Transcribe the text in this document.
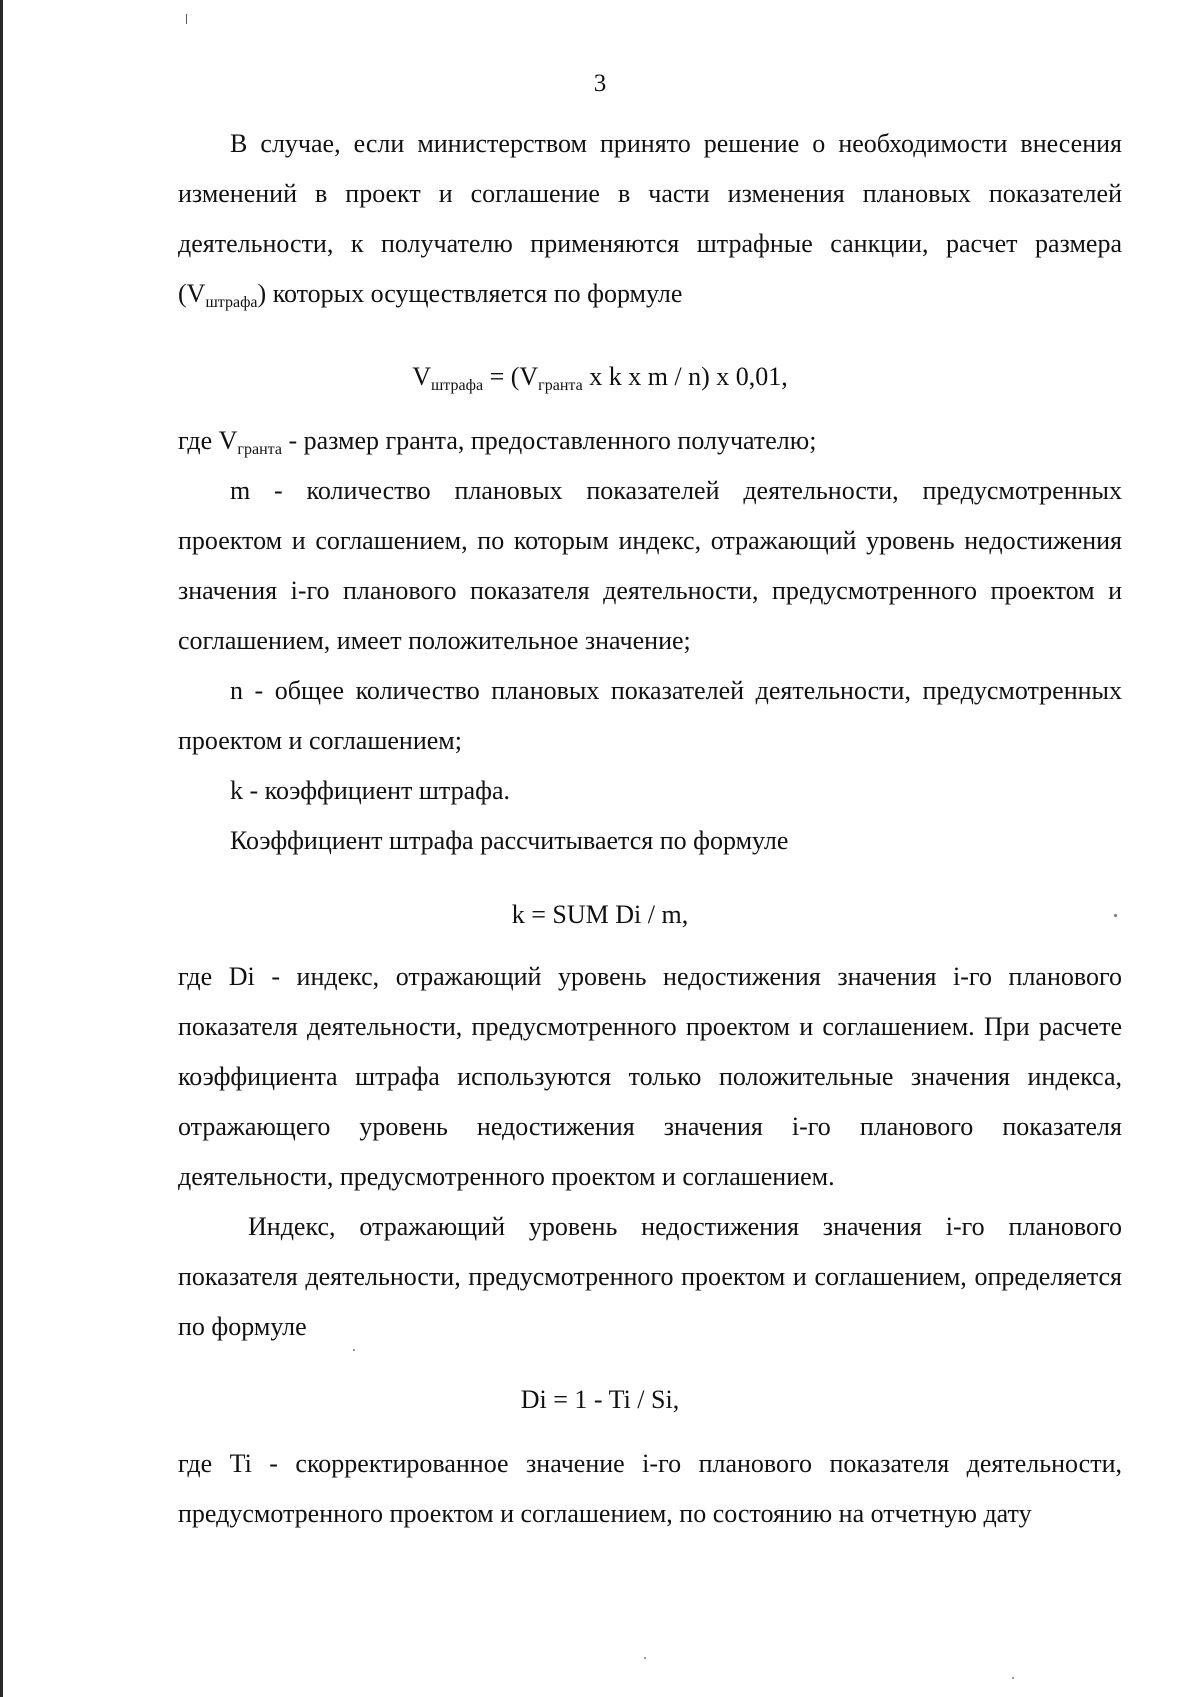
3

В случае, если министерством принято решение о необходимости внесения изменений в проект и соглашение в части изменения плановых показателей деятельности, к получателю применяются штрафные санкции, расчет размера $(V_{штрафа})$ которых осуществляется по формуле

$V_{штрафа} = (V_{гранта}$ x k x m / n) x 0,01,

где $V_{гранта}$ - размер гранта, предоставленного получателю;

m - количество плановых показателей деятельности, предусмотренных проектом и соглашением, по которым индекс, отражающий уровень недостижения значения i-го планового показателя деятельности, предусмотренного проектом и соглашением, имеет положительное значение;

n - общее количество плановых показателей деятельности, предусмотренных проектом и соглашением;

k - коэффициент штрафа.

Коэффициент штрафа рассчитывается по формуле

k = SUM Di / m,

где Di - индекс, отражающий уровень недостижения значения i-го планового показателя деятельности, предусмотренного проектом и соглашением. При расчете коэффициента штрафа используются только положительные значения индекса, отражающего уровень недостижения значения i-го планового показателя деятельности, предусмотренного проектом и соглашением.

Индекс, отражающий уровень недостижения значения i-го планового показателя деятельности, предусмотренного проектом и соглашением, определяется по формуле

Di = 1 - Ti / Si,

где Ti - скорректированное значение i-го планового показателя деятельности, предусмотренного проектом и соглашением, по состоянию на отчетную дату
